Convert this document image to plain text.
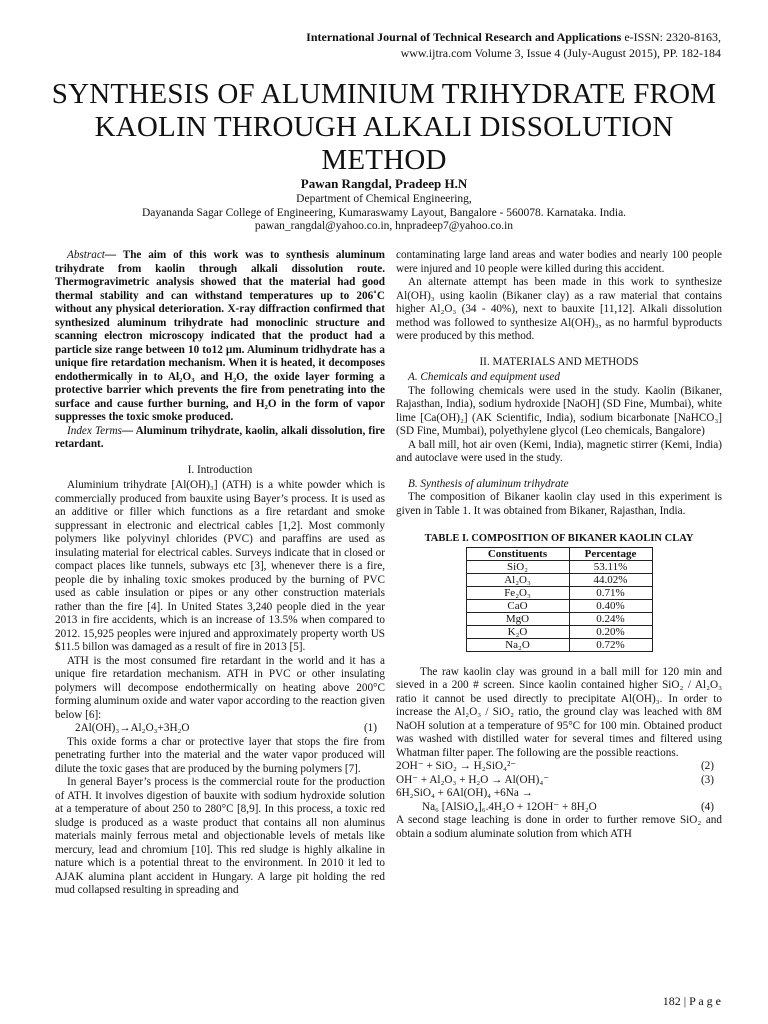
International Journal of Technical Research and Applications e-ISSN: 2320-8163,
www.ijtra.com Volume 3, Issue 4 (July-August 2015), PP. 182-184
SYNTHESIS OF ALUMINIUM TRIHYDRATE FROM KAOLIN THROUGH ALKALI DISSOLUTION METHOD
Pawan Rangdal, Pradeep H.N
Department of Chemical Engineering,
Dayananda Sagar College of Engineering, Kumaraswamy Layout, Bangalore - 560078. Karnataka. India.
pawan_rangdal@yahoo.co.in, hnpradeep7@yahoo.co.in

Abstract— The aim of this work was to synthesis aluminum trihydrate from kaolin through alkali dissolution route. Thermogravimetric analysis showed that the material had good thermal stability and can withstand temperatures up to 206˚C without any physical deterioration. X-ray diffraction confirmed that synthesized aluminum trihydrate had monoclinic structure and scanning electron microscopy indicated that the product had a particle size range between 10 to12 µm. Aluminum tridhydrate has a unique fire retardation mechanism. When it is heated, it decomposes endothermically in to Al₂O₃ and H₂O, the oxide layer forming a protective barrier which prevents the fire from penetrating into the surface and cause further burning, and H₂O in the form of vapor suppresses the toxic smoke produced.

Index Terms— Aluminum trihydrate, kaolin, alkali dissolution, fire retardant.

I. Introduction

Aluminium trihydrate [Al(OH)₃] (ATH) is a white powder which is commercially produced from bauxite using Bayer’s process. It is used as an additive or filler which functions as a fire retardant and smoke suppressant in electronic and electrical cables [1,2]. Most commonly polymers like polyvinyl chlorides (PVC) and paraffins are used as insulating material for electrical cables. Surveys indicate that in closed or compact places like tunnels, subways etc [3], whenever there is a fire, people die by inhaling toxic smokes produced by the burning of PVC used as cable insulation or pipes or any other construction materials rather than the fire [4]. In United States 3,240 people died in the year 2013 in fire accidents, which is an increase of 13.5% when compared to 2012. 15,925 peoples were injured and approximately property worth US $11.5 billon was damaged as a result of fire in 2013 [5].

ATH is the most consumed fire retardant in the world and it has a unique fire retardation mechanism. ATH in PVC or other insulating polymers will decompose endothermically on heating above 200°C forming aluminum oxide and water vapor according to the reaction given below [6]:

2Al(OH)₃→Al₂O₃+3H₂O	(1)

This oxide forms a char or protective layer that stops the fire from penetrating further into the material and the water vapor produced will dilute the toxic gases that are produced by the burning polymers [7].

In general Bayer’s process is the commercial route for the production of ATH. It involves digestion of bauxite with sodium hydroxide solution at a temperature of about 250 to 280°C [8,9]. In this process, a toxic red sludge is produced as a waste product that contains all non aluminus materials mainly ferrous metal and objectionable levels of metals like mercury, lead and chromium [10]. This red sludge is highly alkaline in nature which is a potential threat to the environment. In 2010 it led to AJAK alumina plant accident in Hungary. A large pit holding the red mud collapsed resulting in spreading and

contaminating large land areas and water bodies and nearly 100 people were injured and 10 people were killed during this accident.

An alternate attempt has been made in this work to synthesize Al(OH)₃ using kaolin (Bikaner clay) as a raw material that contains higher Al₂O₃ (34 - 40%), next to bauxite [11,12]. Alkali dissolution method was followed to synthesize Al(OH)₃, as no harmful byproducts were produced by this method.

II. MATERIALS AND METHODS
A. Chemicals and equipment used

The following chemicals were used in the study. Kaolin (Bikaner, Rajasthan, India), sodium hydroxide [NaOH] (SD Fine, Mumbai), white lime [Ca(OH)₂] (AK Scientific, India), sodium bicarbonate [NaHCO₃] (SD Fine, Mumbai), polyethylene glycol (Leo chemicals, Bangalore)

A ball mill, hot air oven (Kemi, India), magnetic stirrer (Kemi, India) and autoclave were used in the study.

B. Synthesis of aluminum trihydrate

The composition of Bikaner kaolin clay used in this experiment is given in Table 1. It was obtained from Bikaner, Rajasthan, India.

TABLE I. COMPOSITION OF BIKANER KAOLIN CLAY
Constituents	Percentage
SiO₂	53.11%
Al₂O₃	44.02%
Fe₂O₃	0.71%
CaO	0.40%
MgO	0.24%
K₂O	0.20%
Na₂O	0.72%

The raw kaolin clay was ground in a ball mill for 120 min and sieved in a 200 # screen. Since kaolin contained higher SiO₂ / Al₂O₃ ratio it cannot be used directly to precipitate Al(OH)₃. In order to increase the Al₂O₃ / SiO₂ ratio, the ground clay was leached with 8M NaOH solution at a temperature of 95°C for 100 min. Obtained product was washed with distilled water for several times and filtered using Whatman filter paper. The following are the possible reactions.

2OH⁻ + SiO₂ → H₂SiO₄²⁻	(2)
OH⁻ + Al₂O₃ + H₂O → Al(OH)₄⁻	(3)
6H₂SiO₄ + 6Al(OH)₄ +6Na →
Na₆ [AlSiO₄]₆.4H₂O + 12OH⁻ + 8H₂O	(4)

A second stage leaching is done in order to further remove SiO₂ and obtain a sodium aluminate solution from which ATH

182 | P a g e
